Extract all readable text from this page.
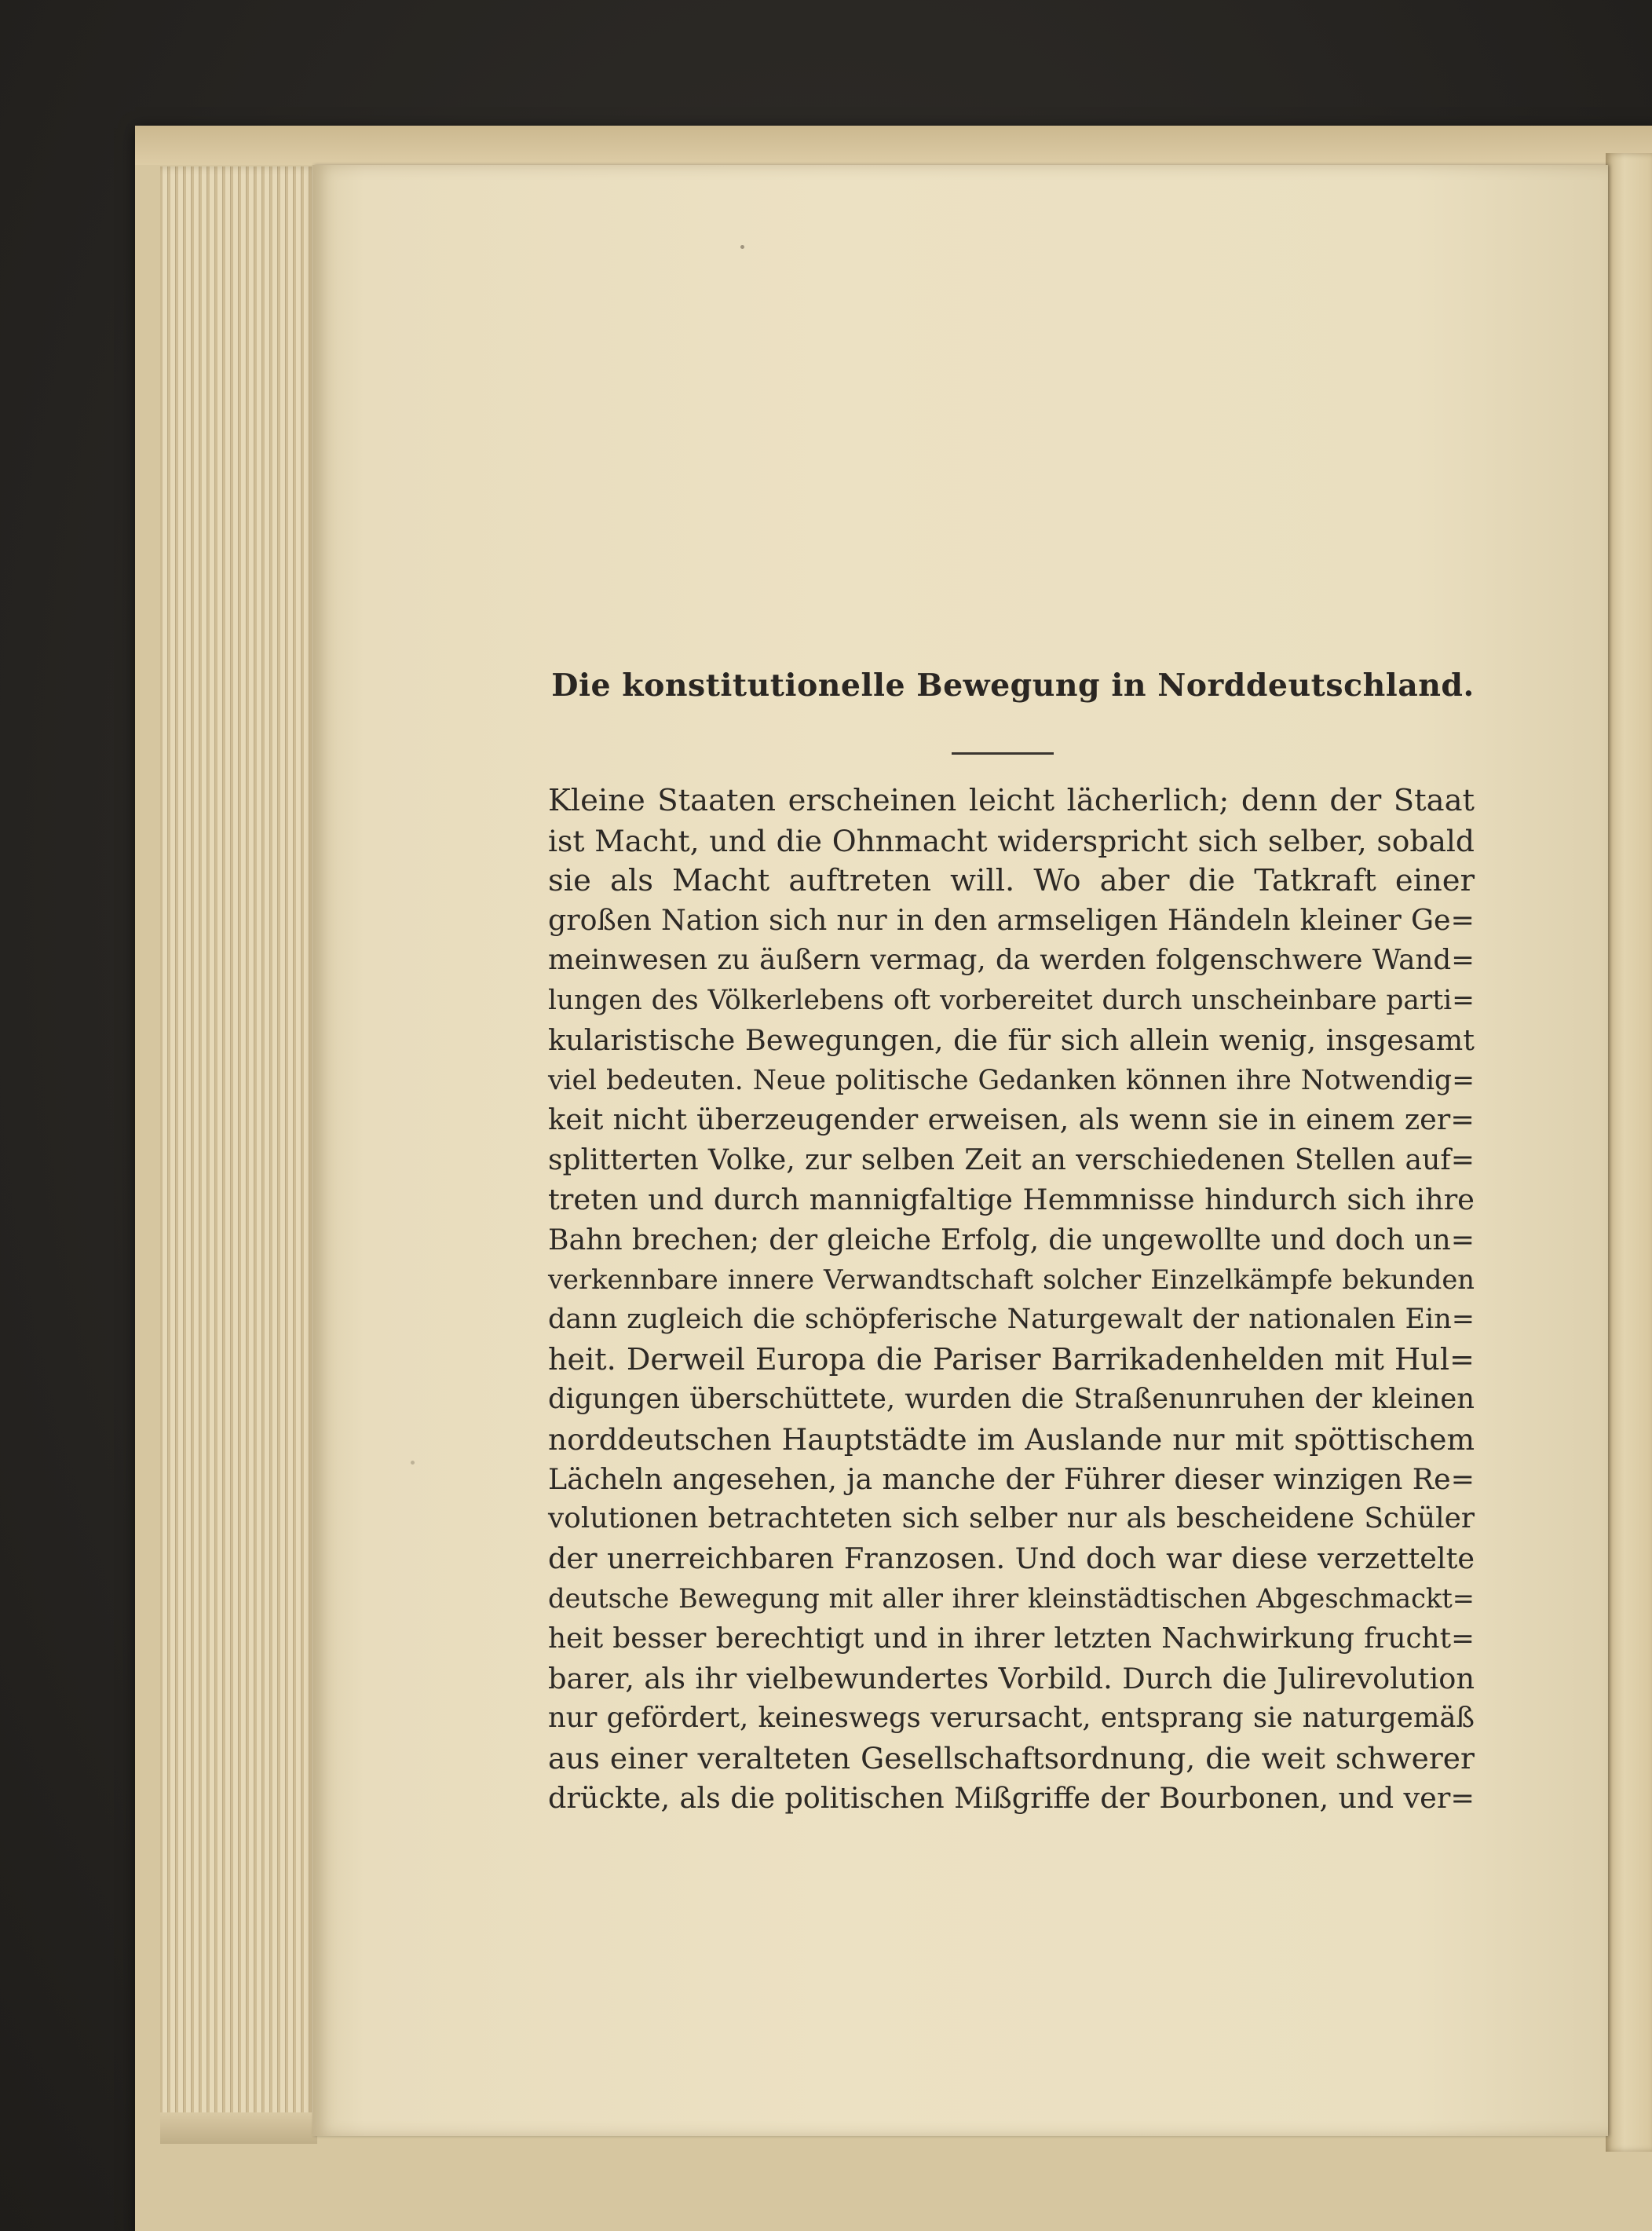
Die konstitutionelle Bewegung in Norddeutschland.
Kleine Staaten erscheinen leicht lächerlich; denn der Staat
ist Macht, und die Ohnmacht widerspricht sich selber, sobald
sie als Macht auftreten will. Wo aber die Tatkraft einer
großen Nation sich nur in den armseligen Händeln kleiner Ge=
meinwesen zu äußern vermag, da werden folgenschwere Wand=
lungen des Völkerlebens oft vorbereitet durch unscheinbare parti=
kularistische Bewegungen, die für sich allein wenig, insgesamt
viel bedeuten. Neue politische Gedanken können ihre Notwendig=
keit nicht überzeugender erweisen, als wenn sie in einem zer=
splitterten Volke, zur selben Zeit an verschiedenen Stellen auf=
treten und durch mannigfaltige Hemmnisse hindurch sich ihre
Bahn brechen; der gleiche Erfolg, die ungewollte und doch un=
verkennbare innere Verwandtschaft solcher Einzelkämpfe bekunden
dann zugleich die schöpferische Naturgewalt der nationalen Ein=
heit. Derweil Europa die Pariser Barrikadenhelden mit Hul=
digungen überschüttete, wurden die Straßenunruhen der kleinen
norddeutschen Hauptstädte im Auslande nur mit spöttischem
Lächeln angesehen, ja manche der Führer dieser winzigen Re=
volutionen betrachteten sich selber nur als bescheidene Schüler
der unerreichbaren Franzosen. Und doch war diese verzettelte
deutsche Bewegung mit aller ihrer kleinstädtischen Abgeschmackt=
heit besser berechtigt und in ihrer letzten Nachwirkung frucht=
barer, als ihr vielbewundertes Vorbild. Durch die Julirevolution
nur gefördert, keineswegs verursacht, entsprang sie naturgemäß
aus einer veralteten Gesellschaftsordnung, die weit schwerer
drückte, als die politischen Mißgriffe der Bourbonen, und ver=
